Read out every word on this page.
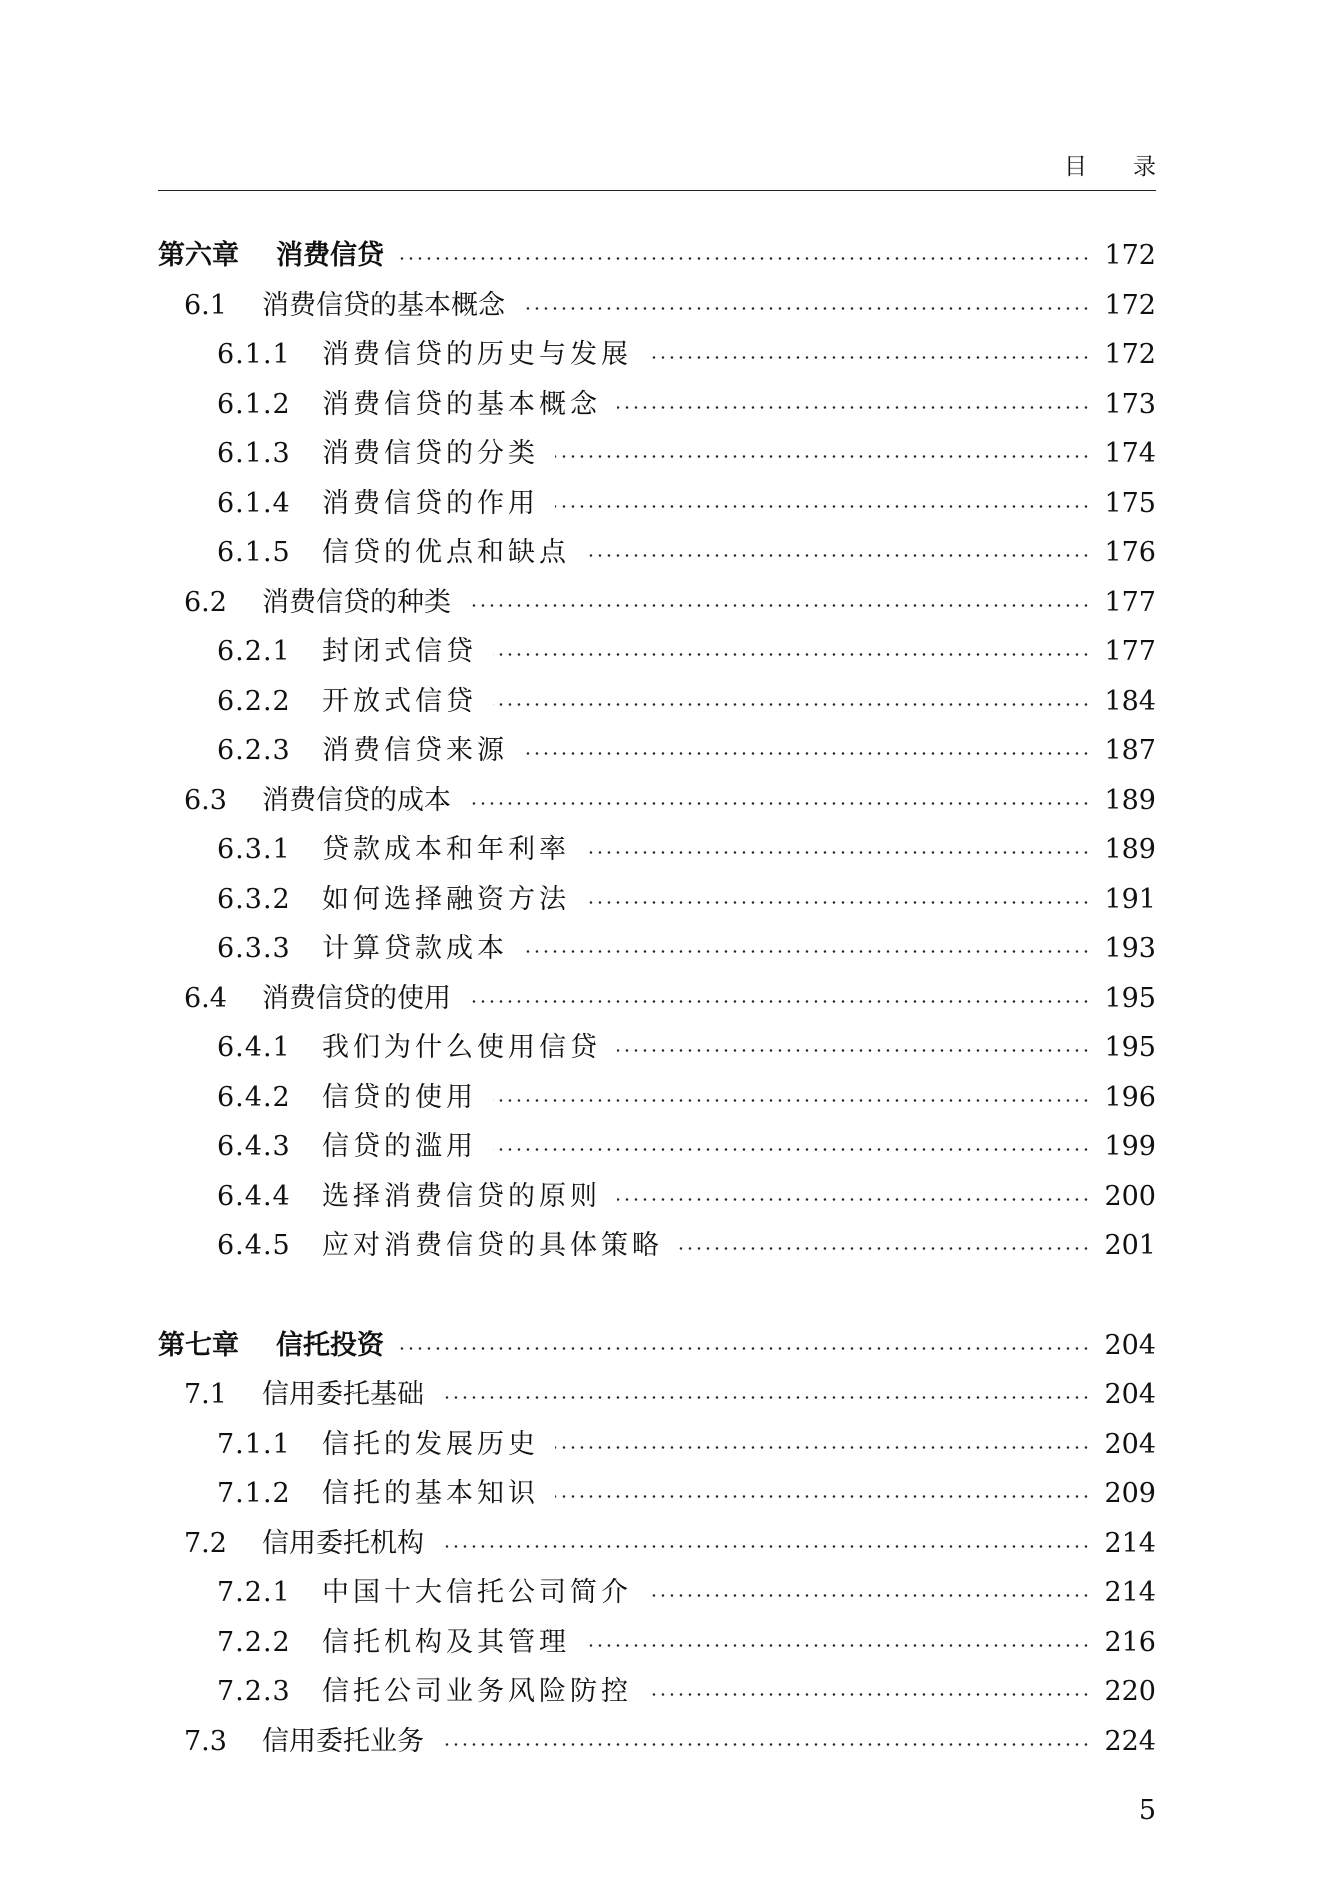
目 录
第六章	消费信贷	172
6.1	消费信贷的基本概念	172
6.1.1	消费信贷的历史与发展	172
6.1.2	消费信贷的基本概念	173
6.1.3	消费信贷的分类	174
6.1.4	消费信贷的作用	175
6.1.5	信贷的优点和缺点	176
6.2	消费信贷的种类	177
6.2.1	封闭式信贷	177
6.2.2	开放式信贷	184
6.2.3	消费信贷来源	187
6.3	消费信贷的成本	189
6.3.1	贷款成本和年利率	189
6.3.2	如何选择融资方法	191
6.3.3	计算贷款成本	193
6.4	消费信贷的使用	195
6.4.1	我们为什么使用信贷	195
6.4.2	信贷的使用	196
6.4.3	信贷的滥用	199
6.4.4	选择消费信贷的原则	200
6.4.5	应对消费信贷的具体策略	201
第七章	信托投资	204
7.1	信用委托基础	204
7.1.1	信托的发展历史	204
7.1.2	信托的基本知识	209
7.2	信用委托机构	214
7.2.1	中国十大信托公司简介	214
7.2.2	信托机构及其管理	216
7.2.3	信托公司业务风险防控	220
7.3	信用委托业务	224
5
